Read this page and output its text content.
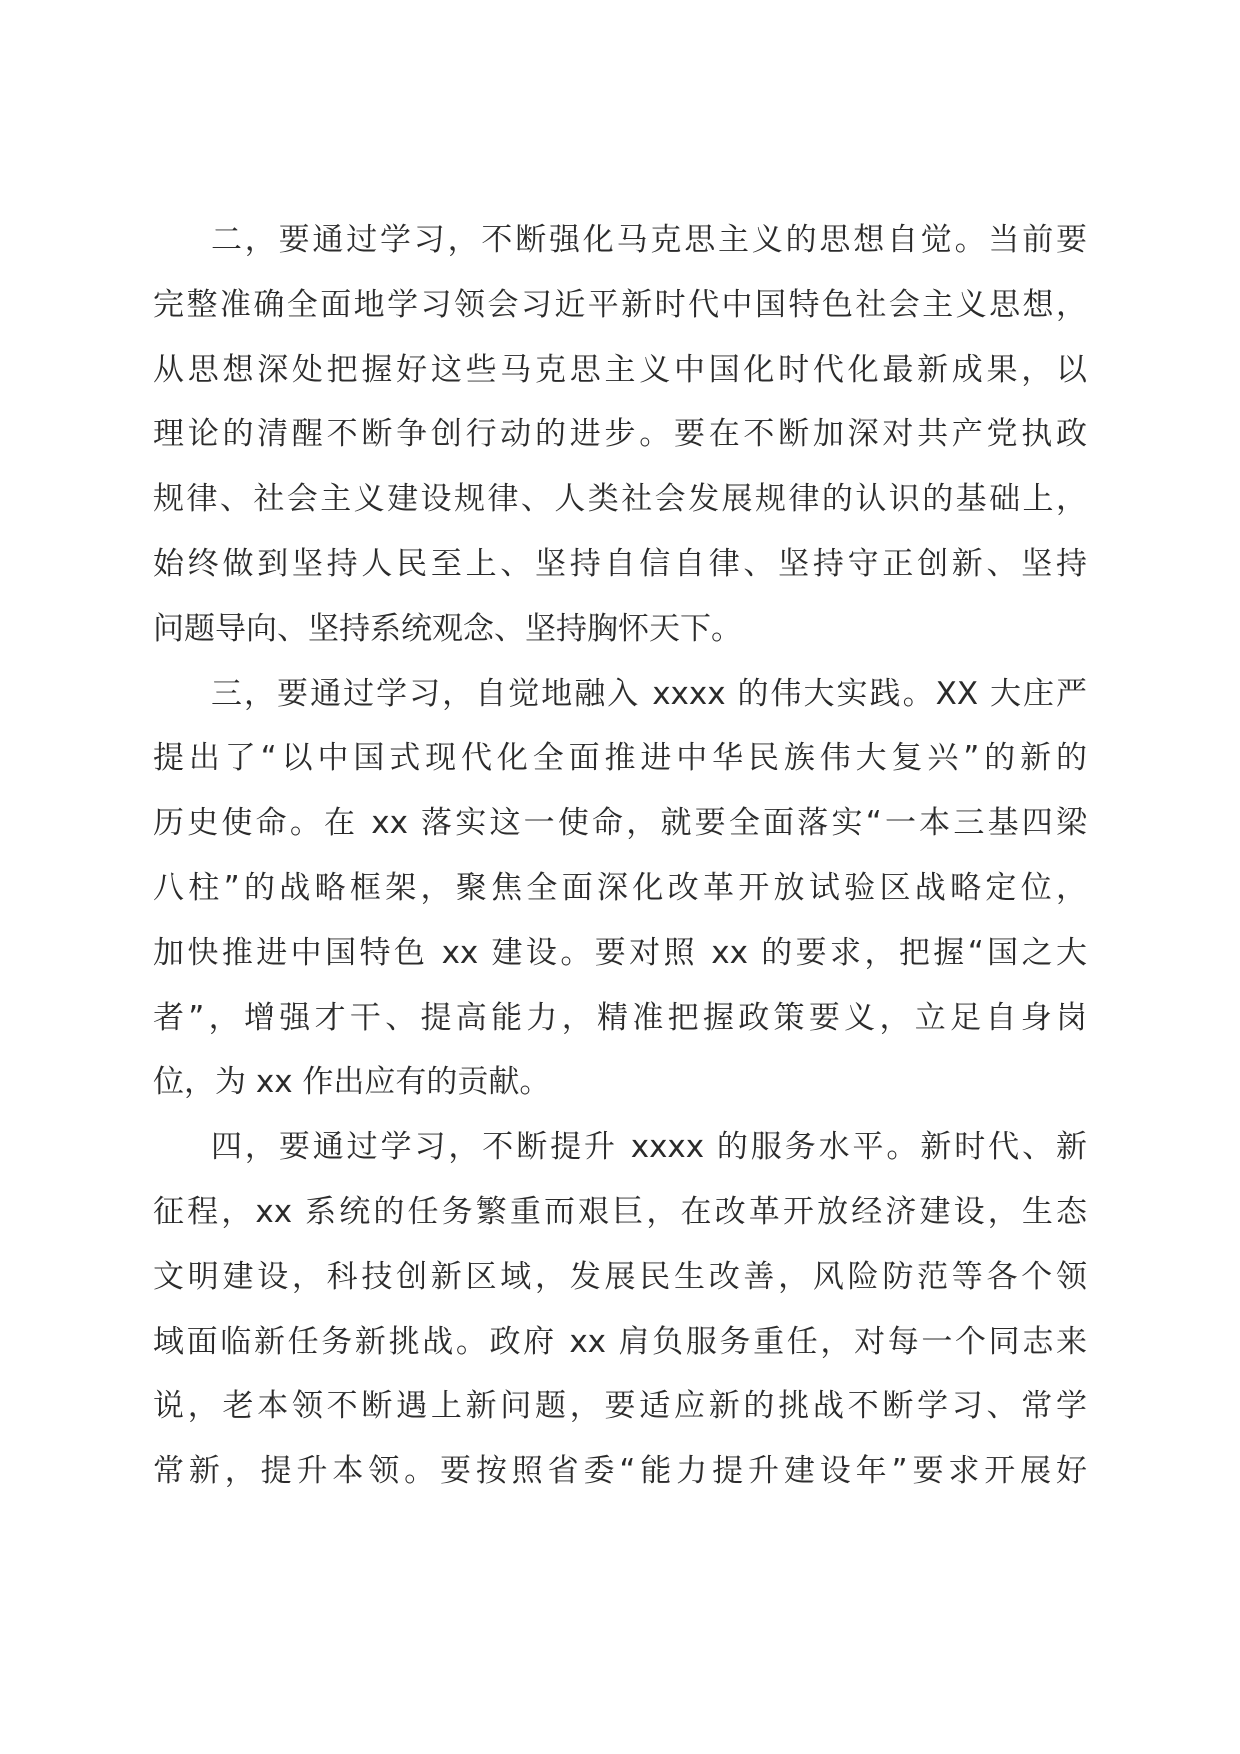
二，要通过学习，不断强化马克思主义的思想自觉。当前要
完整准确全面地学习领会习近平新时代中国特色社会主义思想，
从思想深处把握好这些马克思主义中国化时代化最新成果，以
理论的清醒不断争创行动的进步。要在不断加深对共产党执政
规律、社会主义建设规律、人类社会发展规律的认识的基础上，
始终做到坚持人民至上、坚持自信自律、坚持守正创新、坚持
问题导向、坚持系统观念、坚持胸怀天下。
三，要通过学习，自觉地融入 xxxx 的伟大实践。XX 大庄严
提出了“以中国式现代化全面推进中华民族伟大复兴”的新的
历史使命。在 xx 落实这一使命，就要全面落实“一本三基四梁
八柱”的战略框架，聚焦全面深化改革开放试验区战略定位，
加快推进中国特色 xx 建设。要对照 xx 的要求，把握“国之大
者”，增强才干、提高能力，精准把握政策要义，立足自身岗
位，为 xx 作出应有的贡献。
四，要通过学习，不断提升 xxxx 的服务水平。新时代、新
征程，xx 系统的任务繁重而艰巨，在改革开放经济建设，生态
文明建设，科技创新区域，发展民生改善，风险防范等各个领
域面临新任务新挑战。政府 xx 肩负服务重任，对每一个同志来
说，老本领不断遇上新问题，要适应新的挑战不断学习、常学
常新，提升本领。要按照省委“能力提升建设年”要求开展好
